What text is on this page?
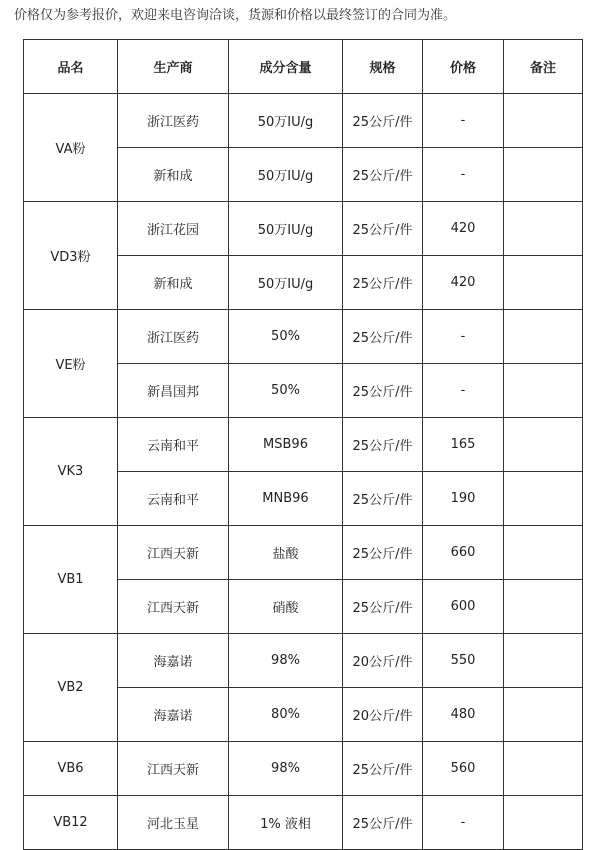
价格仅为参考报价，欢迎来电咨询洽谈，货源和价格以最终签订的合同为准。
品名	生产商	成分含量	规格	价格	备注
VA粉	浙江医药	50万IU/g	25公斤/件	-	
	新和成	50万IU/g	25公斤/件	-	
VD3粉	浙江花园	50万IU/g	25公斤/件	420	
	新和成	50万IU/g	25公斤/件	420	
VE粉	浙江医药	50%	25公斤/件	-	
	新昌国邦	50%	25公斤/件	-	
VK3	云南和平	MSB96	25公斤/件	165	
	云南和平	MNB96	25公斤/件	190	
VB1	江西天新	盐酸	25公斤/件	660	
	江西天新	硝酸	25公斤/件	600	
VB2	海嘉诺	98%	20公斤/件	550	
	海嘉诺	80%	20公斤/件	480	
VB6	江西天新	98%	25公斤/件	560	
VB12	河北玉星	1% 液相	25公斤/件	-	
